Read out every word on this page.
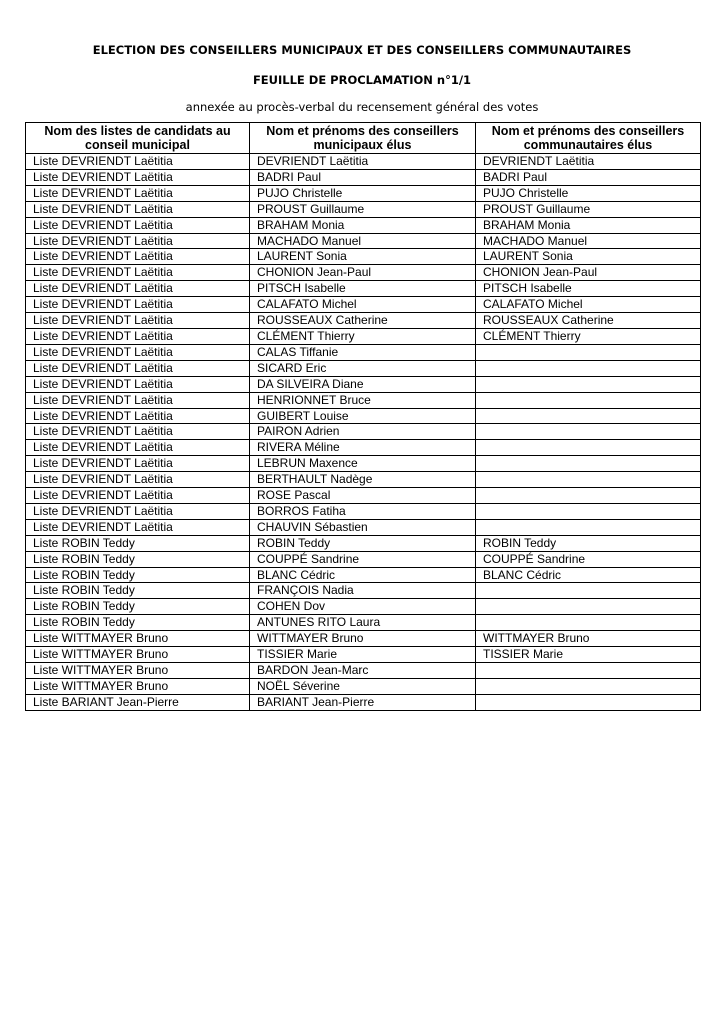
ELECTION DES CONSEILLERS MUNICIPAUX ET DES CONSEILLERS COMMUNAUTAIRES
FEUILLE DE PROCLAMATION n°1/1
annexée au procès-verbal du recensement général des votes
Nom des listes de candidats au conseil municipal	Nom et prénoms des conseillers municipaux élus	Nom et prénoms des conseillers communautaires élus
Liste DEVRIENDT Laëtitia	DEVRIENDT Laëtitia	DEVRIENDT Laëtitia
Liste DEVRIENDT Laëtitia	BADRI Paul	BADRI Paul
Liste DEVRIENDT Laëtitia	PUJO Christelle	PUJO Christelle
Liste DEVRIENDT Laëtitia	PROUST Guillaume	PROUST Guillaume
Liste DEVRIENDT Laëtitia	BRAHAM Monia	BRAHAM Monia
Liste DEVRIENDT Laëtitia	MACHADO Manuel	MACHADO Manuel
Liste DEVRIENDT Laëtitia	LAURENT Sonia	LAURENT Sonia
Liste DEVRIENDT Laëtitia	CHONION Jean-Paul	CHONION Jean-Paul
Liste DEVRIENDT Laëtitia	PITSCH Isabelle	PITSCH Isabelle
Liste DEVRIENDT Laëtitia	CALAFATO Michel	CALAFATO Michel
Liste DEVRIENDT Laëtitia	ROUSSEAUX Catherine	ROUSSEAUX Catherine
Liste DEVRIENDT Laëtitia	CLÉMENT Thierry	CLÉMENT Thierry
Liste DEVRIENDT Laëtitia	CALAS Tiffanie	
Liste DEVRIENDT Laëtitia	SICARD Eric	
Liste DEVRIENDT Laëtitia	DA SILVEIRA Diane	
Liste DEVRIENDT Laëtitia	HENRIONNET Bruce	
Liste DEVRIENDT Laëtitia	GUIBERT Louise	
Liste DEVRIENDT Laëtitia	PAIRON Adrien	
Liste DEVRIENDT Laëtitia	RIVERA Méline	
Liste DEVRIENDT Laëtitia	LEBRUN Maxence	
Liste DEVRIENDT Laëtitia	BERTHAULT Nadège	
Liste DEVRIENDT Laëtitia	ROSE Pascal	
Liste DEVRIENDT Laëtitia	BORROS Fatiha	
Liste DEVRIENDT Laëtitia	CHAUVIN Sébastien	
Liste ROBIN Teddy	ROBIN Teddy	ROBIN Teddy
Liste ROBIN Teddy	COUPPÉ Sandrine	COUPPÉ Sandrine
Liste ROBIN Teddy	BLANC Cédric	BLANC Cédric
Liste ROBIN Teddy	FRANÇOIS Nadia	
Liste ROBIN Teddy	COHEN Dov	
Liste ROBIN Teddy	ANTUNES RITO Laura	
Liste WITTMAYER Bruno	WITTMAYER Bruno	WITTMAYER Bruno
Liste WITTMAYER Bruno	TISSIER Marie	TISSIER Marie
Liste WITTMAYER Bruno	BARDON Jean-Marc	
Liste WITTMAYER Bruno	NOËL Séverine	
Liste BARIANT Jean-Pierre	BARIANT Jean-Pierre	
